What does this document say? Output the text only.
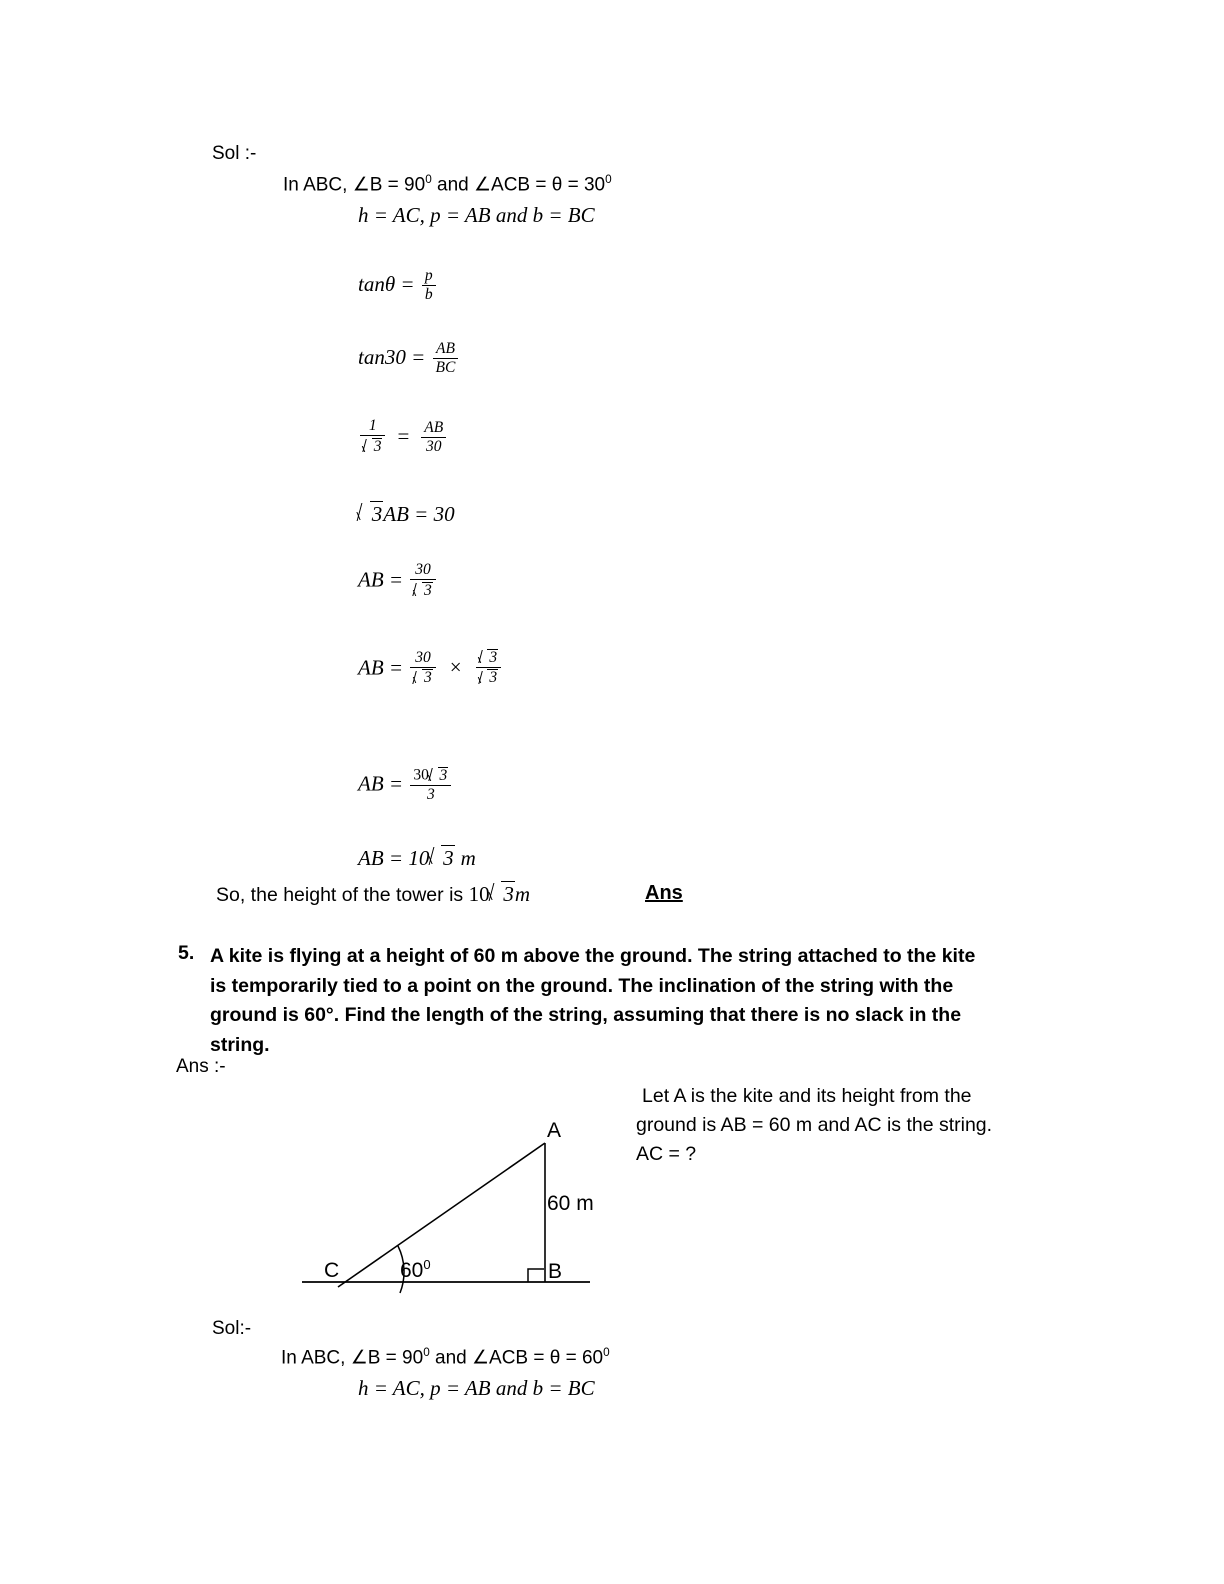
Sol :-
In ABC, ∠B = $90^0$ and ∠ACB = $\theta = 30^0$
h = AC, p = AB and b = BC
$\tan\theta = \frac{p}{b}$
$\tan 30 = \frac{AB}{BC}$
$\frac{1}{3} = \frac{AB}{30}$
3AB = 30
AB = $\frac{30}{3}$
AB = $\frac{30}{3} \times \frac{3}{3}$
AB = $\frac{30 3}{3}$
AB = 10 3 m
So, the height of the tower is 10 3m	Ans
5. A kite is flying at a height of 60 m above the ground. The string attached to the kite
is temporarily tied to a point on the ground. The inclination of the string with the
ground is 60°. Find the length of the string, assuming that there is no slack in the
string.
Ans :-
A
B
C
60 m
$60^0$
Let A is the kite and its height from the
ground is AB = 60 m and AC is the string.
AC = ?
Sol:-
In ABC, ∠B = $90^0$ and ∠ACB = $\theta = 60^0$
h = AC, p = AB and b = BC
